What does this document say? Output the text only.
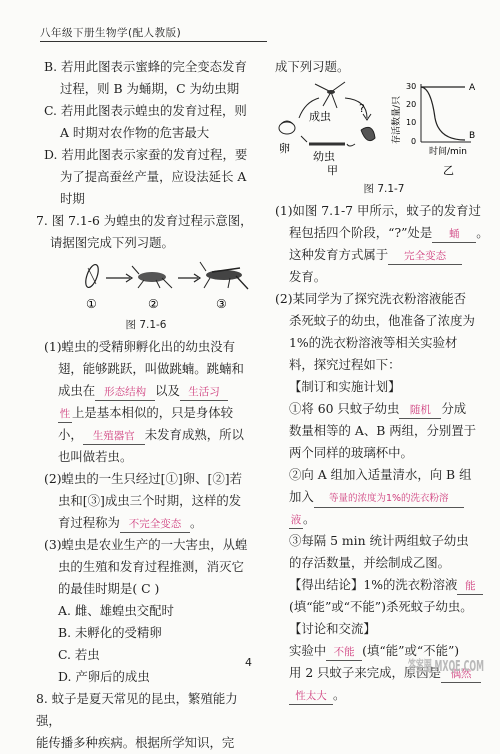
八年级下册生物学(配人教版)
B. 若用此图表示蜜蜂的完全变态发育
过程，则 B 为蛹期，C 为幼虫期
C. 若用此图表示蝗虫的发育过程，则
A 时期对农作物的危害最大
D. 若用此图表示家蚕的发育过程，要
为了提高蚕丝产量，应设法延长 A
时期
7. 图 7.1-6 为蝗虫的发育过程示意图，
请据图完成下列习题。
①	②	③

图 7.1-6

(1)蝗虫的受精卵孵化出的幼虫没有
翅，能够跳跃，叫做跳蝻。跳蝻和
成虫在 形态结构 以及 生活习
性 上是基本相似的，只是身体较
小， 生殖器官 未发育成熟，所以
也叫做若虫。
(2)蝗虫的一生只经过[①]卵、[②]若
虫和[③]成虫三个时期，这样的发
育过程称为 不完全变态 。
(3)蝗虫是农业生产的一大害虫，从蝗
虫的生殖和发育过程推测，消灭它
的最佳时期是( C )
A. 雌、雄蝗虫交配时
B. 未孵化的受精卵
C. 若虫
D. 产卵后的成虫
8. 蚊子是夏天常见的昆虫，繁殖能力强，
能传播多种疾病。根据所学知识，完
成下列习题。
成虫
卵
幼虫
?
甲
存活数量/只
30
20
10
0
A
B
时间/min
乙

图 7.1-7

(1)如图 7.1-7 甲所示，蚊子的发育过
程包括四个阶段，“?”处是 蛹 。
这种发育方式属于 完全变态
发育。
(2)某同学为了探究洗衣粉溶液能否
杀死蚊子的幼虫，他准备了浓度为
1%的洗衣粉溶液等相关实验材
料，探究过程如下：
【制订和实施计划】
①将 60 只蚊子幼虫 随机 分成
数量相等的 A、B 两组，分别置于
两个同样的玻璃杯中。
②向 A 组加入适量清水，向 B 组
加入 等量的浓度为1%的洗衣粉溶
液 。
③每隔 5 min 统计两组蚊子幼虫
的存活数量，并绘制成乙图。
【得出结论】1%的洗衣粉溶液 能
(填“能”或“不能”)杀死蚊子幼虫。
【讨论和交流】
实验中 不能 (填“能”或“不能”)
用 2 只蚊子来完成，原因是 偶然
性太大 。
4	答案圈 MXQE.COM
